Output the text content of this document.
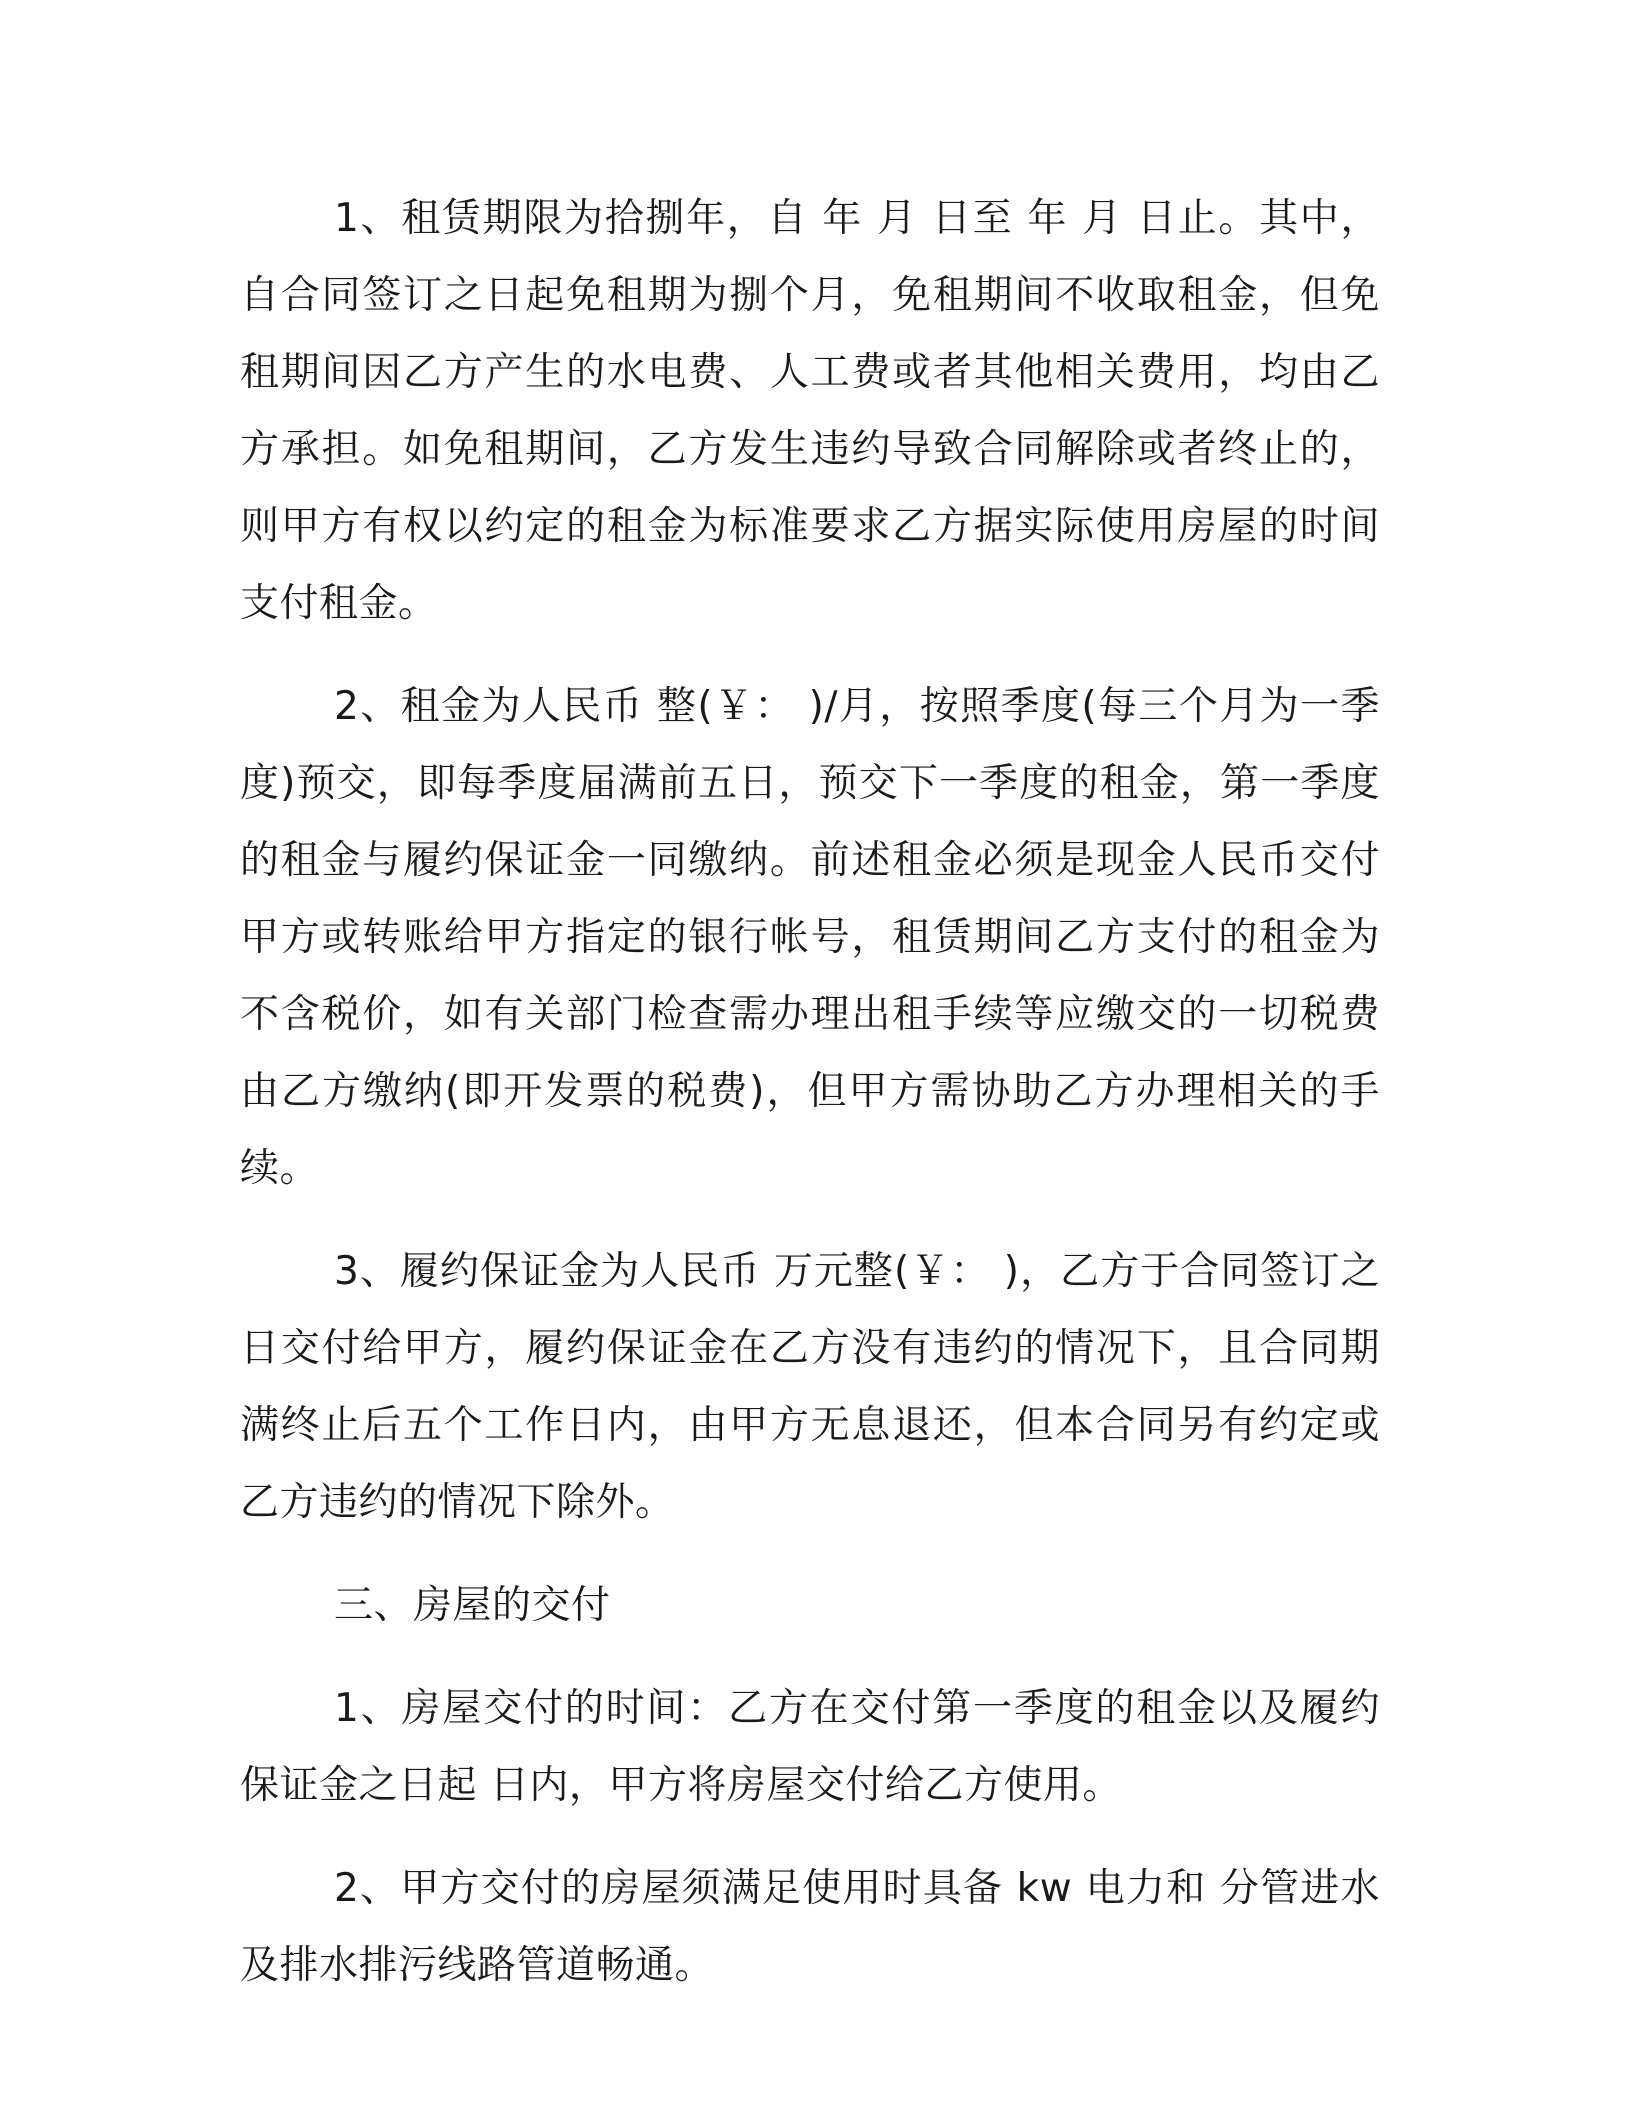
1、租赁期限为拾捌年，自 年 月 日至 年 月 日止。其中，自合同签订之日起免租期为捌个月，免租期间不收取租金，但免租期间因乙方产生的水电费、人工费或者其他相关费用，均由乙方承担。如免租期间，乙方发生违约导致合同解除或者终止的，则甲方有权以约定的租金为标准要求乙方据实际使用房屋的时间支付租金。

2、租金为人民币 整(￥： )/月，按照季度(每三个月为一季度)预交，即每季度届满前五日，预交下一季度的租金，第一季度的租金与履约保证金一同缴纳。前述租金必须是现金人民币交付甲方或转账给甲方指定的银行帐号，租赁期间乙方支付的租金为不含税价，如有关部门检查需办理出租手续等应缴交的一切税费由乙方缴纳(即开发票的税费)，但甲方需协助乙方办理相关的手续。

3、履约保证金为人民币 万元整(￥： )，乙方于合同签订之日交付给甲方，履约保证金在乙方没有违约的情况下，且合同期满终止后五个工作日内，由甲方无息退还，但本合同另有约定或乙方违约的情况下除外。

三、房屋的交付

1、房屋交付的时间：乙方在交付第一季度的租金以及履约保证金之日起 日内，甲方将房屋交付给乙方使用。

2、甲方交付的房屋须满足使用时具备 kw 电力和 分管进水及排水排污线路管道畅通。
